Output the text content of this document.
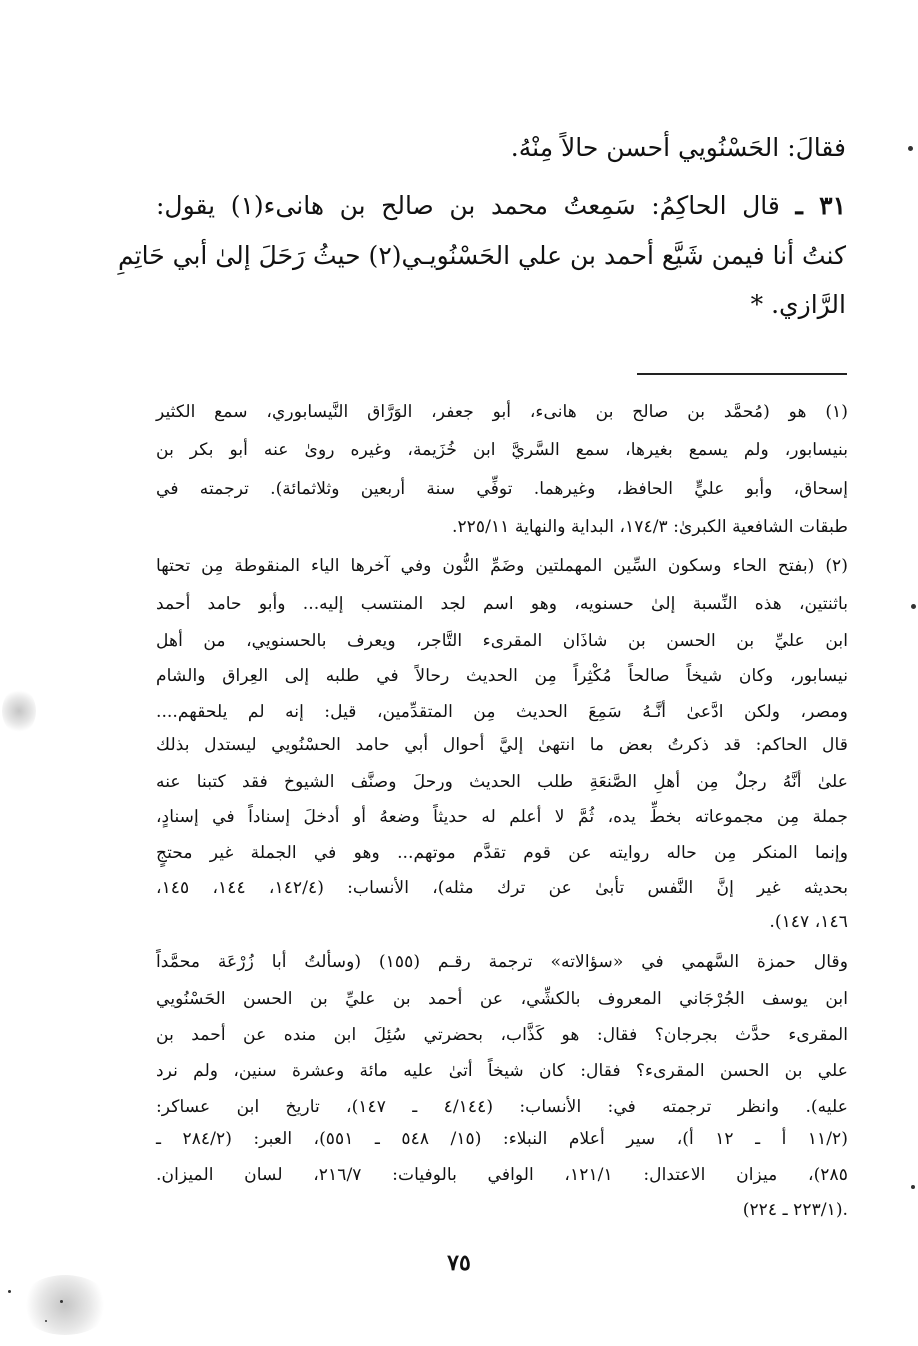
فقالَ: الحَسْنُويي أحسن حالاً مِنْهُ.
٣١ ـ قال الحاكِمُ: سَمِعتُ محمد بن صالح بن هانىء(١) يقول:
كنتُ أنا فيمن شَيَّع أحمد بن علي الحَسْنُويـي(٢) حيثُ رَحَلَ إلىٰ أبي حَاتِمِ
الرَّازي. *
(١) هو (مُحمَّد بن صالح بن هانىء، أبو جعفر، الوَرَّاق النَّيسابوري، سمع الكثير
بنيسابور، ولم يسمع بغيرها، سمع السَّريَّ ابن خُزَيمة، وغيره روىٰ عنه أبو بكر بن
إسحاق، وأبو عليٍّ الحافظ، وغيرهما. توفِّي سنة أربعين وثلاثمائة). ترجمته في
طبقات الشافعية الكبرىٰ: ١٧٤/٣، البداية والنهاية ٢٢٥/١١.
(٢) (بفتح الحاء وسكون السِّين المهملتين وضَمِّ النُّون وفي آخرها الياء المنقوطة مِن تحتها
باثنتين، هذه النِّسبة إلىٰ حسنويه، وهو اسم لجد المنتسب إليه... وأبو حامد أحمد
ابن عليِّ بن الحسن بن شاذَان المقرىء التَّاجر، ويعرف بالحسنويي، من أهل
نيسابور، وكان شيخاً صالحاً مُكْثِراً مِن الحديث رحالاً في طلبه إلى العِراق والشام
ومصر، ولكن ادَّعىٰ أنَّـهُ سَمِعَ الحديث مِن المتقدِّمين، قيل: إنه لم يلحقهم....
قال الحاكم: قد ذكرتُ بعض ما انتهىٰ إليَّ أحوال أبي حامد الحسْنُويي ليستدل بذلك
علىٰ أنَّهُ رجلٌ مِن أهلِ الصَّنعَةِ طلب الحديث ورحلَ وصنَّف الشيوخ فقد كتبنا عنه
جملة مِن مجموعاته بخطِّ يده، ثُمَّ لا أعلم له حديثاً وضعهُ أو أدخلَ إسناداً في إسنادٍ،
وإنما المنكر مِن حاله روايته عن قوم تقدَّم موتهم... وهو في الجملة غير محتجٍ
بحديثه غير إنَّ النَّفس تأبىٰ عن ترك مثله)، الأنساب: (١٤٢/٤، ١٤٤، ١٤٥،
١٤٦، ١٤٧).
وقال حمزة السَّهمي في «سؤالاته» ترجمة رقـم (١٥٥) (وسألتُ أبا زُرْعَة محمَّداً
ابن يوسف الجُرْجَاني المعروف بالكشِّي، عن أحمد بن عليِّ بن الحسن الحَسْنُويي
المقرىء حدَّث بجرجان؟ فقال: هو كَذَّاب، بحضرتي سُئِلَ ابن منده عن أحمد بن
علي بن الحسن المقرىء؟ فقال: كان شيخاً أتىٰ عليه مائة وعشرة سنين، ولم نرد
عليه). وانظر ترجمته في: الأنساب: (٤/١٤٤ ـ ١٤٧)، تاريخ ابن عساكر:
(١١/٢ أ ـ ١٢ أ)، سير أعلام النبلاء: (١٥/ ٥٤٨ ـ ٥٥١)، العبر: (٢٨٤/٢ ـ
٢٨٥)، ميزان الاعتدال: ١٢١/١، الوافي بالوفيات: ٢١٦/٧، لسان الميزان.
.(٢٢٣/١ ـ ٢٢٤)
٧٥
